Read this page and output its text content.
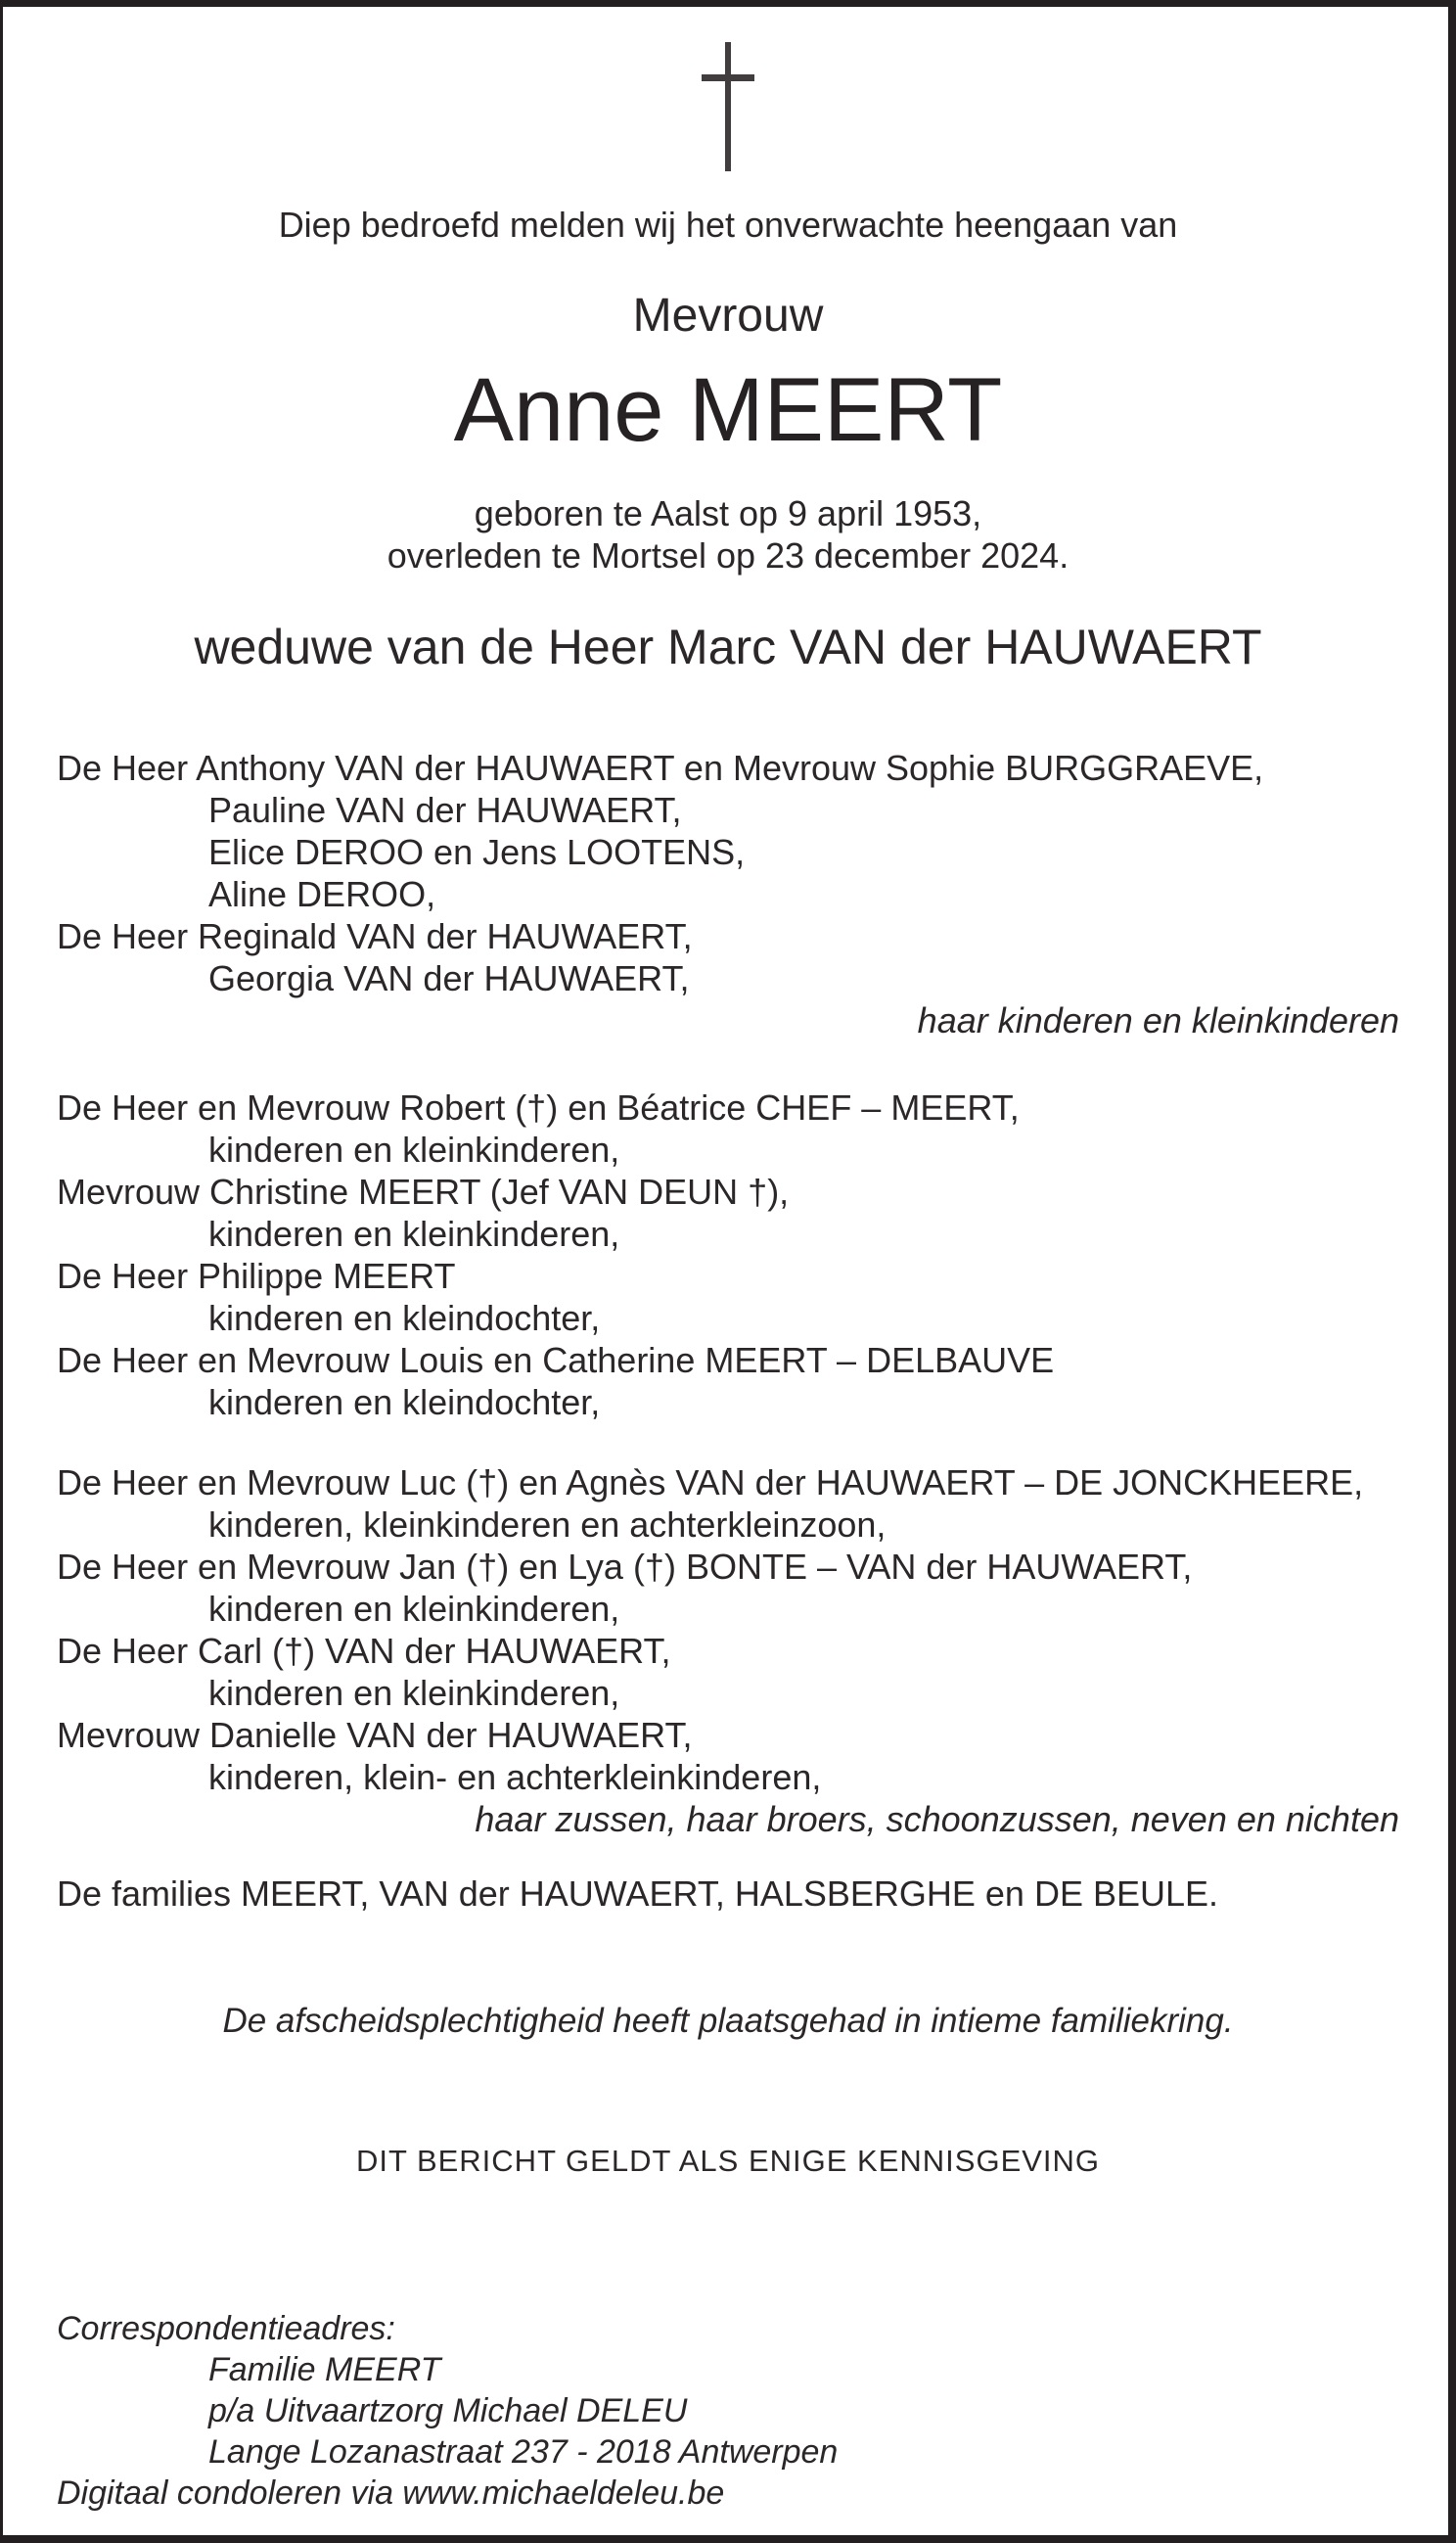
Diep bedroefd melden wij het onverwachte heengaan van

Mevrouw

Anne MEERT

geboren te Aalst op 9 april 1953,

overleden te Mortsel op 23 december 2024.

weduwe van de Heer Marc VAN der HAUWAERT

De Heer Anthony VAN der HAUWAERT en Mevrouw Sophie BURGGRAEVE,

Pauline VAN der HAUWAERT,

Elice DEROO en Jens LOOTENS,

Aline DEROO,

De Heer Reginald VAN der HAUWAERT,

Georgia VAN der HAUWAERT,

haar kinderen en kleinkinderen

De Heer en Mevrouw Robert (†) en Béatrice CHEF – MEERT,

kinderen en kleinkinderen,

Mevrouw Christine MEERT (Jef VAN DEUN †),

kinderen en kleinkinderen,

De Heer Philippe MEERT

kinderen en kleindochter,

De Heer en Mevrouw Louis en Catherine MEERT – DELBAUVE

kinderen en kleindochter,

De Heer en Mevrouw Luc (†) en Agnès VAN der HAUWAERT – DE JONCKHEERE,

kinderen, kleinkinderen en achterkleinzoon,

De Heer en Mevrouw Jan (†) en Lya (†) BONTE – VAN der HAUWAERT,

kinderen en kleinkinderen,

De Heer Carl (†) VAN der HAUWAERT,

kinderen en kleinkinderen,

Mevrouw Danielle VAN der HAUWAERT,

kinderen, klein- en achterkleinkinderen,

haar zussen, haar broers, schoonzussen, neven en nichten

De families MEERT, VAN der HAUWAERT, HALSBERGHE en DE BEULE.

De afscheidsplechtigheid heeft plaatsgehad in intieme familiekring.

DIT BERICHT GELDT ALS ENIGE KENNISGEVING

Correspondentieadres:

Familie MEERT

p/a Uitvaartzorg Michael DELEU

Lange Lozanastraat 237 - 2018 Antwerpen

Digitaal condoleren via www.michaeldeleu.be
